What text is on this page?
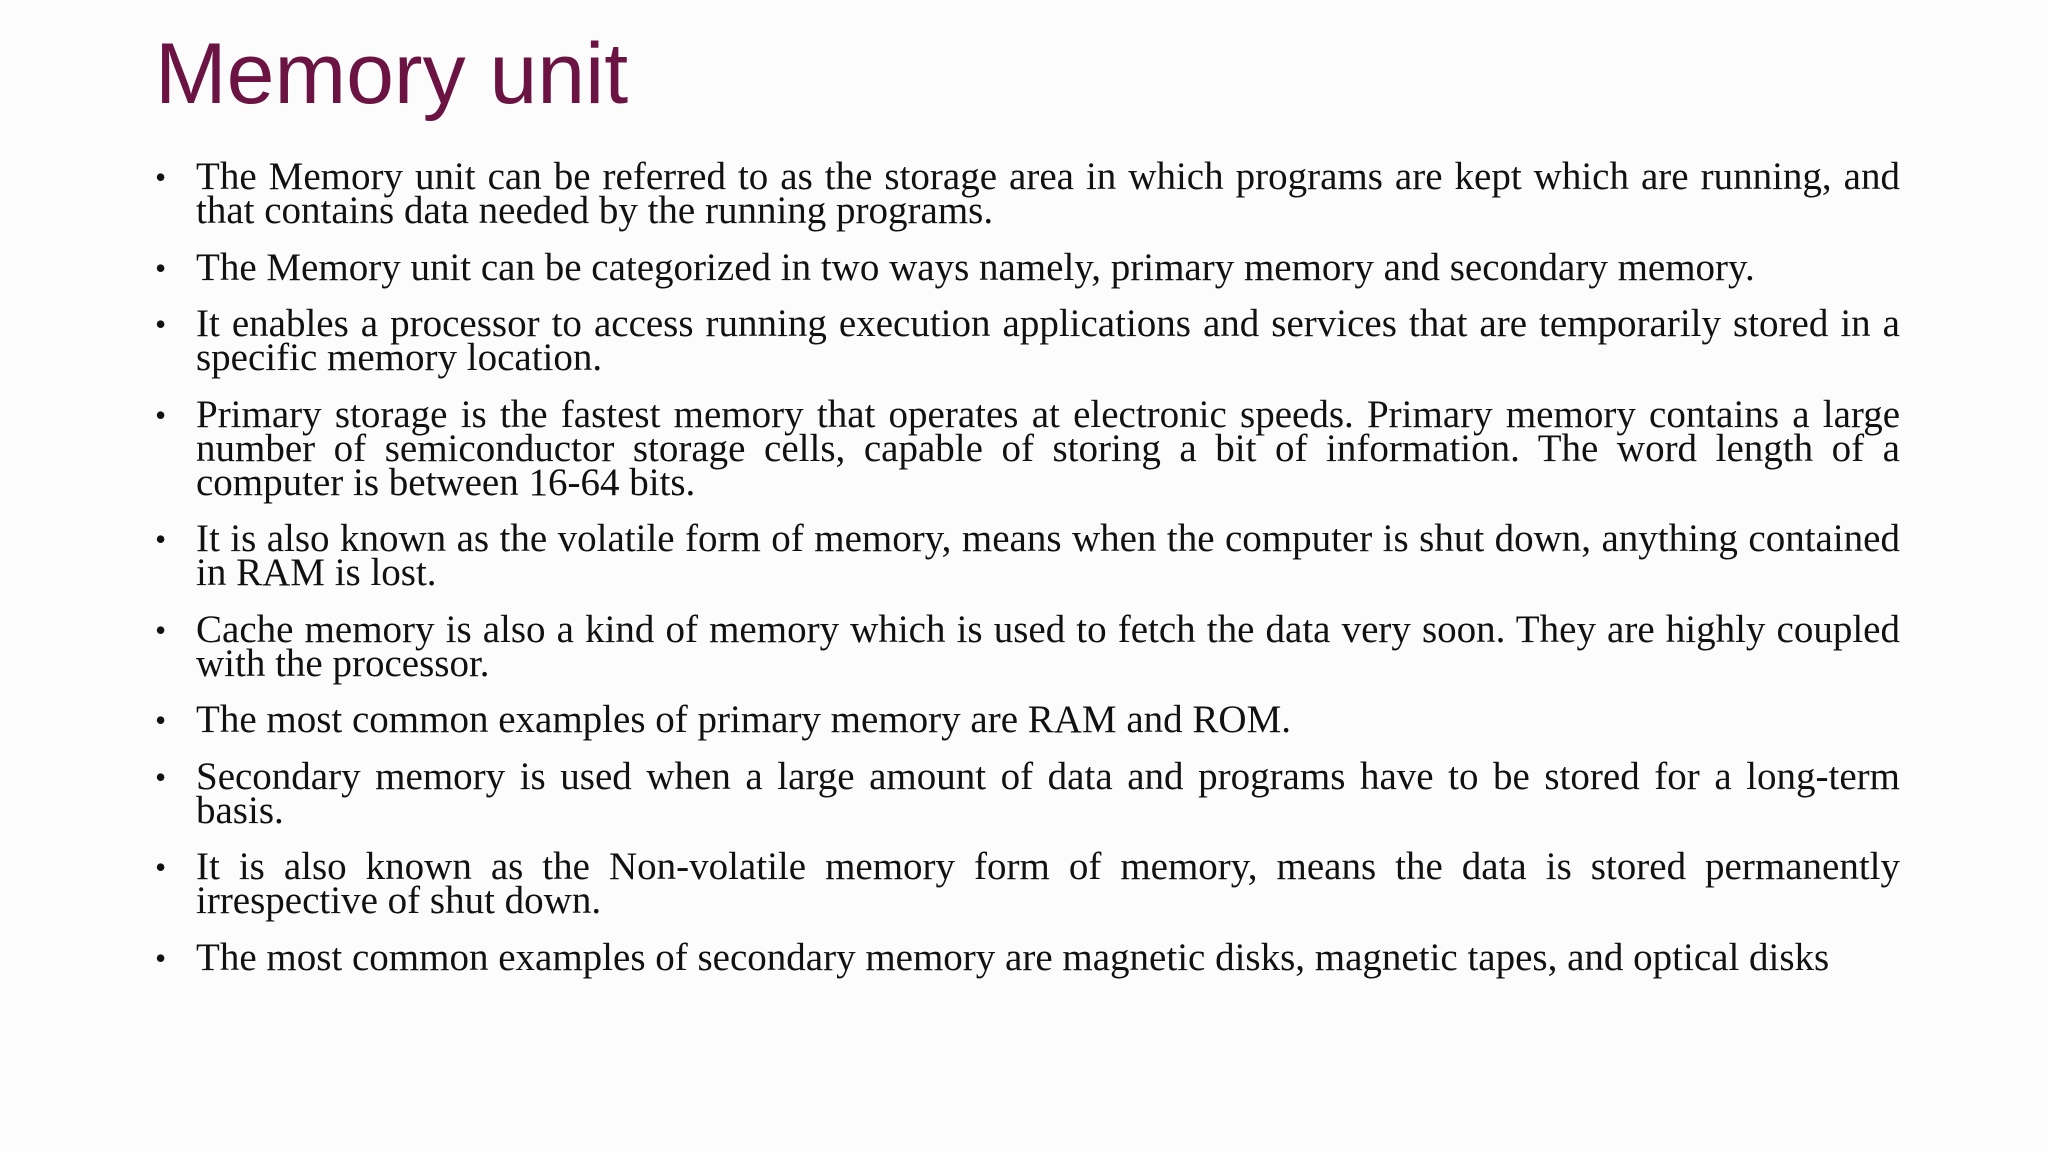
Memory unit
• The Memory unit can be referred to as the storage area in which programs are kept which are running, and that contains data needed by the running programs.
• The Memory unit can be categorized in two ways namely, primary memory and secondary memory.
• It enables a processor to access running execution applications and services that are temporarily stored in a specific memory location.
• Primary storage is the fastest memory that operates at electronic speeds. Primary memory contains a large number of semiconductor storage cells, capable of storing a bit of information. The word length of a computer is between 16-64 bits.
• It is also known as the volatile form of memory, means when the computer is shut down, anything contained in RAM is lost.
• Cache memory is also a kind of memory which is used to fetch the data very soon. They are highly coupled with the processor.
• The most common examples of primary memory are RAM and ROM.
• Secondary memory is used when a large amount of data and programs have to be stored for a long-term basis.
• It is also known as the Non-volatile memory form of memory, means the data is stored permanently irrespective of shut down.
• The most common examples of secondary memory are magnetic disks, magnetic tapes, and optical disks
